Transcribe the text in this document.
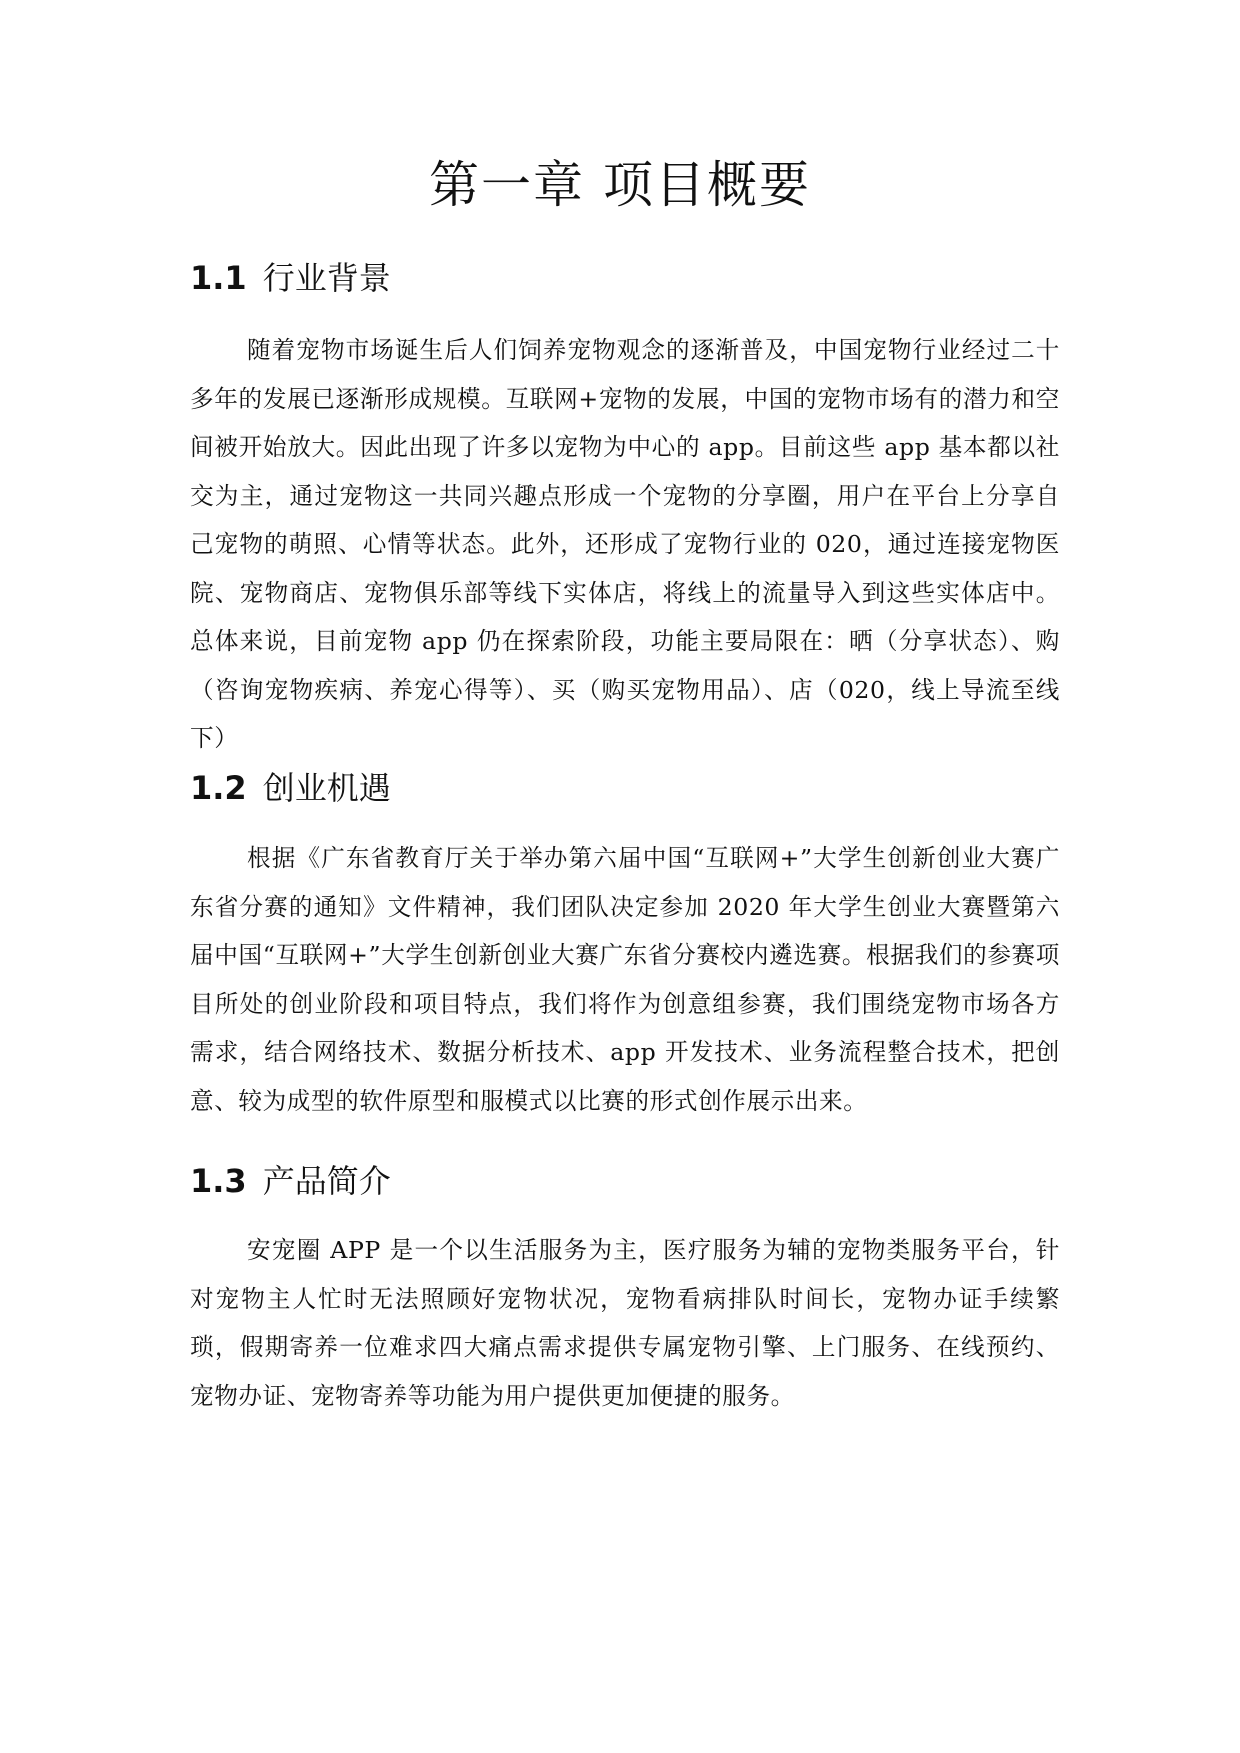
第一章 项目概要
1.1 行业背景

随着宠物市场诞生后人们饲养宠物观念的逐渐普及，中国宠物行业经过二十多年的发展已逐渐形成规模。互联网+宠物的发展，中国的宠物市场有的潜力和空间被开始放大。因此出现了许多以宠物为中心的 app。目前这些 app 基本都以社交为主，通过宠物这一共同兴趣点形成一个宠物的分享圈，用户在平台上分享自己宠物的萌照、心情等状态。此外，还形成了宠物行业的 020，通过连接宠物医院、宠物商店、宠物俱乐部等线下实体店，将线上的流量导入到这些实体店中。总体来说，目前宠物 app 仍在探索阶段，功能主要局限在：晒（分享状态）、购（咨询宠物疾病、养宠心得等）、买（购买宠物用品）、店（020，线上导流至线下）

1.2 创业机遇

根据《广东省教育厅关于举办第六届中国“互联网+”大学生创新创业大赛广东省分赛的通知》文件精神，我们团队决定参加 2020 年大学生创业大赛暨第六届中国“互联网+”大学生创新创业大赛广东省分赛校内遴选赛。根据我们的参赛项目所处的创业阶段和项目特点，我们将作为创意组参赛，我们围绕宠物市场各方需求，结合网络技术、数据分析技术、app 开发技术、业务流程整合技术，把创意、较为成型的软件原型和服模式以比赛的形式创作展示出来。

1.3 产品简介

安宠圈 APP 是一个以生活服务为主，医疗服务为辅的宠物类服务平台，针对宠物主人忙时无法照顾好宠物状况，宠物看病排队时间长，宠物办证手续繁琐，假期寄养一位难求四大痛点需求提供专属宠物引擎、上门服务、在线预约、宠物办证、宠物寄养等功能为用户提供更加便捷的服务。
